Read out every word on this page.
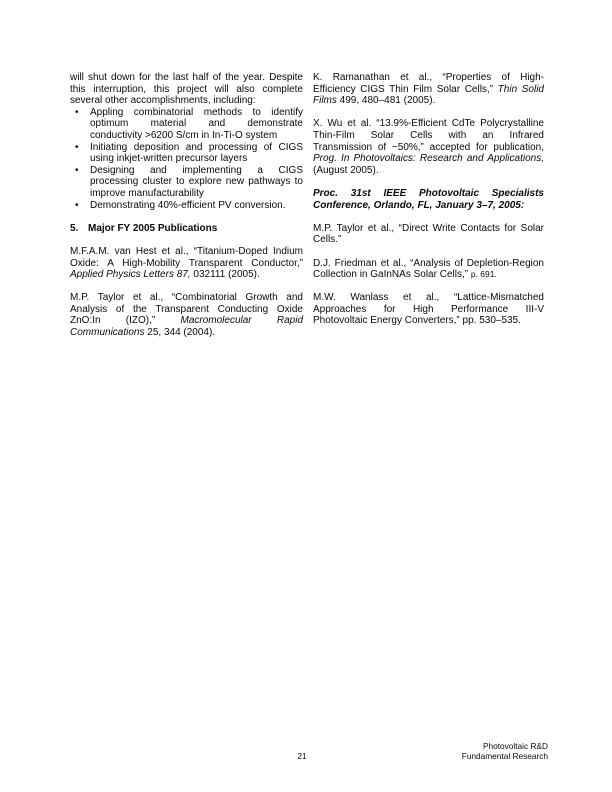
will shut down for the last half of the year. Despite
this interruption, this project will also complete
several other accomplishments, including:
• Appling combinatorial methods to identify
optimum material and demonstrate
conductivity >6200 S/cm in In-Ti-O system
• Initiating deposition and processing of CIGS
using inkjet-written precursor layers
• Designing and implementing a CIGS
processing cluster to explore new pathways to
improve manufacturability
• Demonstrating 40%-efficient PV conversion.
5. Major FY 2005 Publications
M.F.A.M. van Hest et al., “Titanium-Doped Indium
Oxide: A High-Mobility Transparent Conductor,”
Applied Physics Letters 87, 032111 (2005).
M.P. Taylor et al., “Combinatorial Growth and
Analysis of the Transparent Conducting Oxide
ZnO:In (IZO),” Macromolecular Rapid
Communications 25, 344 (2004).
K. Ramanathan et al., “Properties of High-
Efficiency CIGS Thin Film Solar Cells,” Thin Solid
Films 499, 480–481 (2005).
X. Wu et al. “13.9%-Efficient CdTe Polycrystalline
Thin-Film Solar Cells with an Infrared
Transmission of ~50%,” accepted for publication,
Prog. In Photovoltaics: Research and Applications,
(August 2005).
Proc. 31st IEEE Photovoltaic Specialists
Conference, Orlando, FL, January 3–7, 2005:
M.P. Taylor et al., “Direct Write Contacts for Solar
Cells.”
D.J. Friedman et al., “Analysis of Depletion-Region
Collection in GaInNAs Solar Cells,” p. 691.
M.W. Wanlass et al., “Lattice-Mismatched
Approaches for High Performance III-V
Photovoltaic Energy Converters,” pp. 530–535.
21
Photovoltaic R&D
Fundamental Research
